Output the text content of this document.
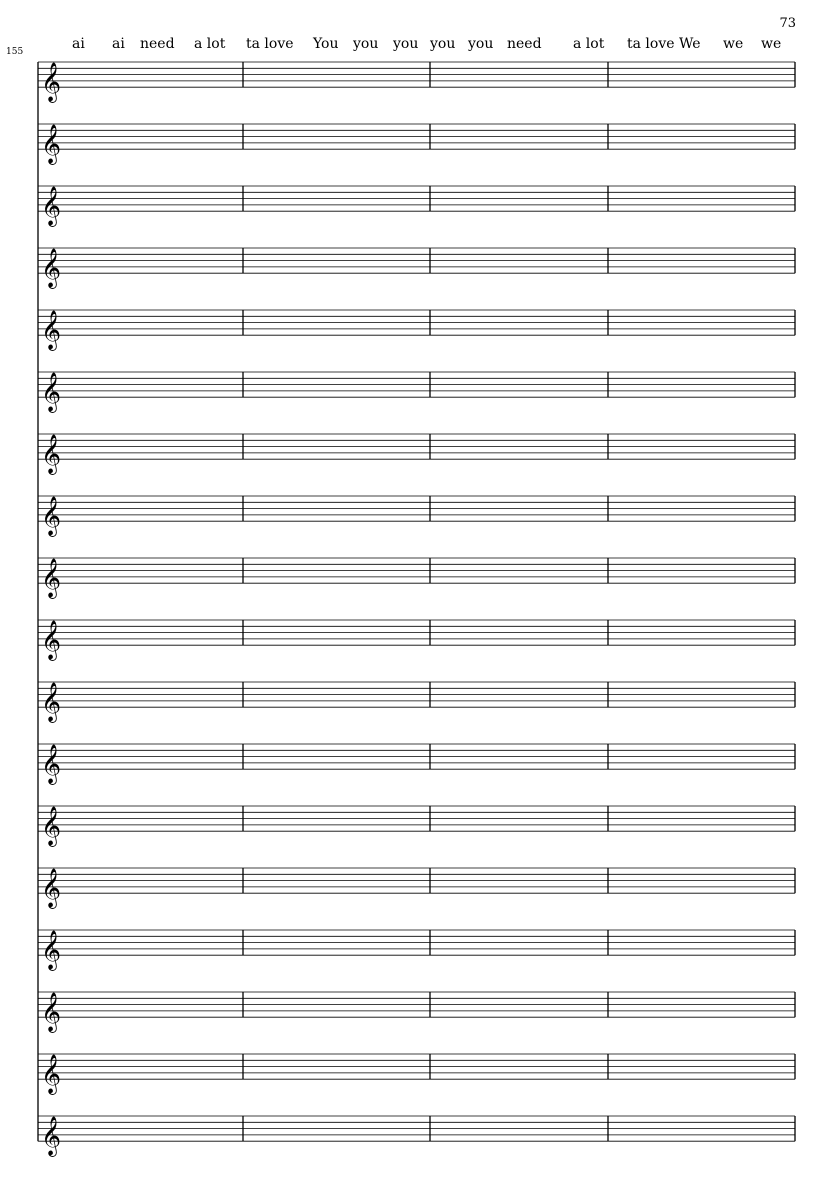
73
155	ai ai need a lot ta love You you you you you need a lot ta love We we we
𝄞
𝄞
𝄞
𝄞
𝄞
𝄞
𝄞
𝄞
𝄞
𝄞
𝄞
𝄞
𝄞
𝄞
𝄞
𝄞
𝄞
𝄞
